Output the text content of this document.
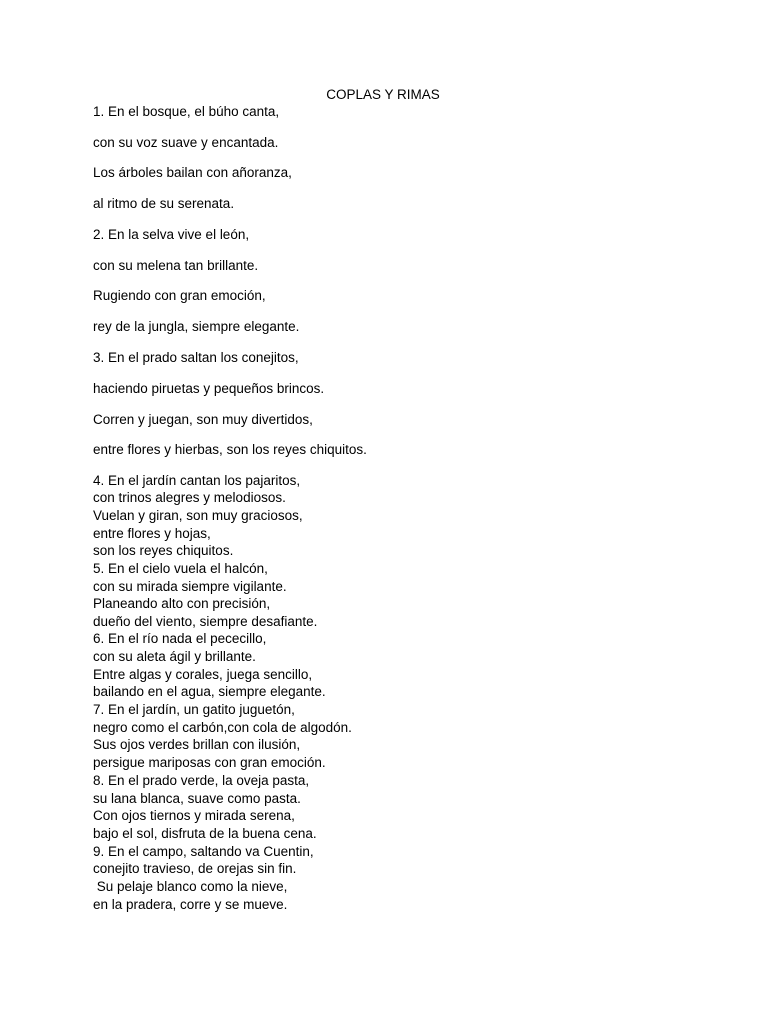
COPLAS Y RIMAS
1. En el bosque, el búho canta,
con su voz suave y encantada.
Los árboles bailan con añoranza,
al ritmo de su serenata.
2. En la selva vive el león,
con su melena tan brillante.
Rugiendo con gran emoción,
rey de la jungla, siempre elegante.
3. En el prado saltan los conejitos,
haciendo piruetas y pequeños brincos.
Corren y juegan, son muy divertidos,
entre flores y hierbas, son los reyes chiquitos.
4. En el jardín cantan los pajaritos,
con trinos alegres y melodiosos.
Vuelan y giran, son muy graciosos,
entre flores y hojas,
son los reyes chiquitos.
5. En el cielo vuela el halcón,
con su mirada siempre vigilante.
Planeando alto con precisión,
dueño del viento, siempre desafiante.
6. En el río nada el pececillo,
con su aleta ágil y brillante.
Entre algas y corales, juega sencillo,
bailando en el agua, siempre elegante.
7. En el jardín, un gatito juguetón,
negro como el carbón,con cola de algodón.
Sus ojos verdes brillan con ilusión,
persigue mariposas con gran emoción.
8. En el prado verde, la oveja pasta,
su lana blanca, suave como pasta.
Con ojos tiernos y mirada serena,
bajo el sol, disfruta de la buena cena.
9. En el campo, saltando va Cuentin,
conejito travieso, de orejas sin fin.
Su pelaje blanco como la nieve,
en la pradera, corre y se mueve.
